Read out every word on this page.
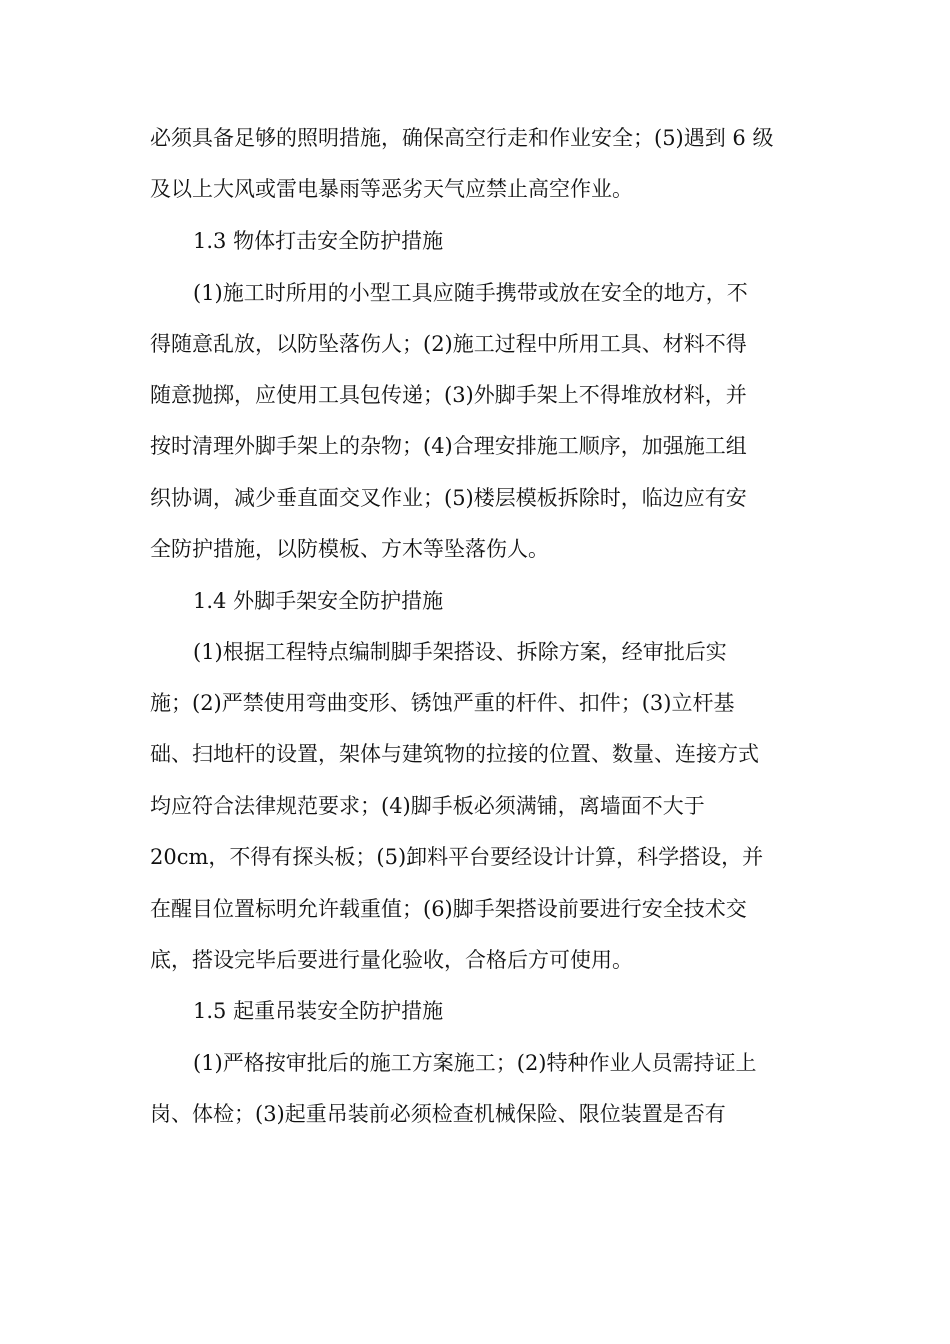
必须具备足够的照明措施，确保高空行走和作业安全；(5)遇到 6 级
及以上大风或雷电暴雨等恶劣天气应禁止高空作业。
1.3 物体打击安全防护措施
(1)施工时所用的小型工具应随手携带或放在安全的地方，不
得随意乱放，以防坠落伤人；(2)施工过程中所用工具、材料不得
随意抛掷，应使用工具包传递；(3)外脚手架上不得堆放材料，并
按时清理外脚手架上的杂物；(4)合理安排施工顺序，加强施工组
织协调，减少垂直面交叉作业；(5)楼层模板拆除时，临边应有安
全防护措施，以防模板、方木等坠落伤人。
1.4 外脚手架安全防护措施
(1)根据工程特点编制脚手架搭设、拆除方案，经审批后实
施；(2)严禁使用弯曲变形、锈蚀严重的杆件、扣件；(3)立杆基
础、扫地杆的设置，架体与建筑物的拉接的位置、数量、连接方式
均应符合法律规范要求；(4)脚手板必须满铺，离墙面不大于
20cm，不得有探头板；(5)卸料平台要经设计计算，科学搭设，并
在醒目位置标明允许载重值；(6)脚手架搭设前要进行安全技术交
底，搭设完毕后要进行量化验收，合格后方可使用。
1.5 起重吊装安全防护措施
(1)严格按审批后的施工方案施工；(2)特种作业人员需持证上
岗、体检；(3)起重吊装前必须检查机械保险、限位装置是否有
